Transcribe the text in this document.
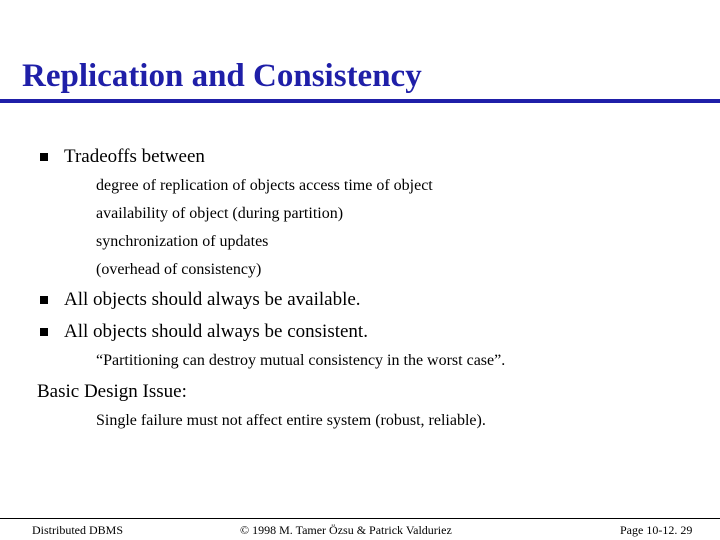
Replication and Consistency
Tradeoffs between
degree of replication of objects access time of object
availability of object (during partition)
synchronization of updates
(overhead of consistency)
All objects should always be available.
All objects should always be consistent.
“Partitioning can destroy mutual consistency in the worst case”.
Basic Design Issue:
Single failure must not affect entire system (robust, reliable).
Distributed DBMS	© 1998 M. Tamer Özsu & Patrick Valduriez	Page 10-12. 29
